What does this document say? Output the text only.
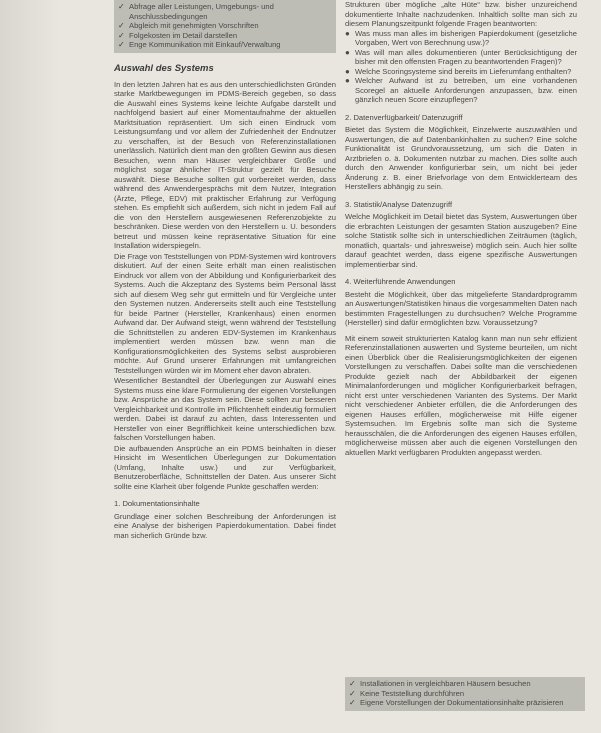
✓ Abfrage aller Leistungen, Umgebungs- und Anschlussbedingungen
✓ Abgleich mit genehmigten Vorschriften
✓ Folgekosten im Detail darstellen
✓ Enge Kommunikation mit Einkauf/Verwaltung
Auswahl des Systems

In den letzten Jahren hat es aus den unterschiedlichsten Gründen starke Marktbewegungen im PDMS-Bereich gegeben, so dass die Auswahl eines Systems keine leichte Aufgabe darstellt und nachfolgend basiert auf einer Momentaufnahme der aktuellen Marktsituation repräsentiert. Um sich einen Eindruck vom Leistungsumfang und vor allem der Zufriedenheit der Endnutzer zu verschaffen, ist der Besuch von Referenzinstallationen unerlässlich. Natürlich dient man den größten Gewinn aus diesen Besuchen, wenn man Häuser vergleichbarer Größe und möglichst sogar ähnlicher IT-Struktur gezielt für Besuche auswählt. Diese Besuche sollten gut vorbereitet werden, dass während des Anwendergesprächs mit dem Nutzer, Integration (Ärzte, Pflege, EDV) mit praktischer Erfahrung zur Verfügung stehen. Es empfiehlt sich außerdem, sich nicht in jedem Fall auf die von den Herstellern ausgewiesenen Referenzobjekte zu beschränken. Diese werden von den Herstellern u. U. besonders betreut und müssen keine repräsentative Situation für eine Installation widerspiegeln.

Die Frage von Teststellungen von PDM-Systemen wird kontrovers diskutiert. Auf der einen Seite erhält man einen realistischen Eindruck vor allem von der Abbildung und Konfigurierbarkeit des Systems. Auch die Akzeptanz des Systems beim Personal lässt sich auf diesem Weg sehr gut ermitteln und für Vergleiche unter den Systemen nutzen. Andererseits stellt auch eine Teststellung für beide Partner (Hersteller, Krankenhaus) einen enormen Aufwand dar. Der Aufwand steigt, wenn während der Teststellung die Schnittstellen zu anderen EDV-Systemen im Krankenhaus implementiert werden müssen bzw. wenn man die Konfigurationsmöglichkeiten des Systems selbst ausprobieren möchte. Auf Grund unserer Erfahrungen mit umfangreichen Teststellungen würden wir im Moment eher davon abraten.

Wesentlicher Bestandteil der Überlegungen zur Auswahl eines Systems muss eine klare Formulierung der eigenen Vorstellungen bzw. Ansprüche an das System sein. Diese sollten zur besseren Vergleichbarkeit und Kontrolle im Pflichtenheft eindeutig formuliert werden. Dabei ist darauf zu achten, dass Interessenten und Hersteller von einer Begrifflichkeit keine unterschiedlichen bzw. falschen Vorstellungen haben.

Die aufbauenden Ansprüche an ein PDMS beinhalten in dieser Hinsicht im Wesentlichen Überlegungen zur Dokumentation (Umfang, Inhalte usw.) und zur Verfügbarkeit, Benutzeroberfläche, Schnittstellen der Daten. Aus unserer Sicht sollte eine Klarheit über folgende Punkte geschaffen werden:

1. Dokumentationsinhalte

Grundlage einer solchen Beschreibung der Anforderungen ist eine Analyse der bisherigen Papierdokumentation. Dabei findet man sicherlich Gründe bzw.

Strukturen über mögliche „alte Hüte“ bzw. bisher unzureichend dokumentierte Inhalte nachzudenken. Inhaltlich sollte man sich zu diesem Planungszeitpunkt folgende Fragen beantworten:

● Was muss man alles im bisherigen Papierdokument (gesetzliche Vorgaben, Wert von Berechnung usw.)?
● Was will man alles dokumentieren (unter Berücksichtigung der bisher mit den offensten Fragen zu beantwortenden Fragen)?
● Welche Scoringsysteme sind bereits im Lieferumfang enthalten?
● Welcher Aufwand ist zu betreiben, um eine vorhandenen Scoregel an aktuelle Anforderungen anzupassen, bzw. einen gänzlich neuen Score einzupflegen?
2. Datenverfügbarkeit/ Datenzugriff

Bietet das System die Möglichkeit, Einzelwerte auszuwählen und Auswertungen, die auf Datenbankinhalten zu suchen? Eine solche Funktionalität ist Grundvoraussetzung, um sich die Daten in Arztbriefen o. ä. Dokumenten nutzbar zu machen. Dies sollte auch durch den Anwender konfigurierbar sein, um nicht bei jeder Änderung z. B. einer Briefvorlage von dem Entwicklerteam des Herstellers abhängig zu sein.

3. Statistik/Analyse Datenzugriff

Welche Möglichkeit im Detail bietet das System, Auswertungen über die erbrachten Leistungen der gesamten Station auszugeben? Eine solche Statistik sollte sich in unterschiedlichen Zeiträumen (täglich, monatlich, quartals- und jahresweise) möglich sein. Auch hier sollte darauf geachtet werden, dass eigene spezifische Auswertungen implementierbar sind.

4. Weiterführende Anwendungen

Besteht die Möglichkeit, über das mitgelieferte Standardprogramm an Auswertungen/Statistiken hinaus die vorgesammelten Daten nach bestimmten Fragestellungen zu durchsuchen? Welche Programme (Hersteller) sind dafür ermöglichten bzw. Voraussetzung?

Mit einem soweit strukturierten Katalog kann man nun sehr effizient Referenzinstallationen auswerten und Systeme beurteilen, um nicht einen Überblick über die Realisierungsmöglichkeiten der eigenen Vorstellungen zu verschaffen. Dabei sollte man die verschiedenen Produkte gezielt nach der Abbildbarkeit der eigenen Minimalanforderungen und möglicher Konfigurierbarkeit befragen, nicht erst unter verschiedenen Varianten des Systems. Der Markt nicht verschiedener Anbieter erfüllen, die die Anforderungen des eigenen Hauses erfüllen, möglicherweise mit Hilfe eigener Systemsuchen. Im Ergebnis sollte man sich die Systeme herausschälen, die die Anforderungen des eigenen Hauses erfüllen, möglicherweise müssen aber auch die eigenen Vorstellungen den aktuellen Markt verfügbaren Produkten angepasst werden.

✓ Installationen in vergleichbaren Häusern besuchen
✓ Keine Teststellung durchführen
✓ Eigene Vorstellungen der Dokumentationsinhalte präzisieren
